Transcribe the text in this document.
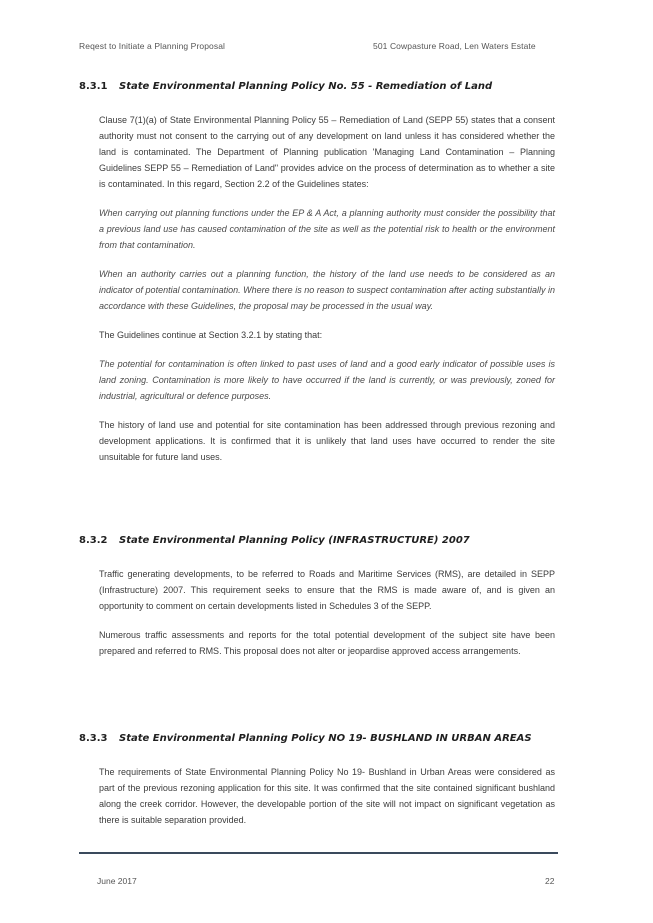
Reqest to Initiate a Planning Proposal	501 Cowpasture Road, Len Waters Estate
8.3.1 State Environmental Planning Policy No. 55 - Remediation of Land

Clause 7(1)(a) of State Environmental Planning Policy 55 – Remediation of Land (SEPP 55) states that a consent authority must not consent to the carrying out of any development on land unless it has considered whether the land is contaminated. The Department of Planning publication 'Managing Land Contamination – Planning Guidelines SEPP 55 – Remediation of Land" provides advice on the process of determination as to whether a site is contaminated. In this regard, Section 2.2 of the Guidelines states:

When carrying out planning functions under the EP & A Act, a planning authority must consider the possibility that a previous land use has caused contamination of the site as well as the potential risk to health or the environment from that contamination.

When an authority carries out a planning function, the history of the land use needs to be considered as an indicator of potential contamination. Where there is no reason to suspect contamination after acting substantially in accordance with these Guidelines, the proposal may be processed in the usual way.

The Guidelines continue at Section 3.2.1 by stating that:

The potential for contamination is often linked to past uses of land and a good early indicator of possible uses is land zoning. Contamination is more likely to have occurred if the land is currently, or was previously, zoned for industrial, agricultural or defence purposes.

The history of land use and potential for site contamination has been addressed through previous rezoning and development applications. It is confirmed that it is unlikely that land uses have occurred to render the site unsuitable for future land uses.

8.3.2 State Environmental Planning Policy (INFRASTRUCTURE) 2007

Traffic generating developments, to be referred to Roads and Maritime Services (RMS), are detailed in SEPP (Infrastructure) 2007. This requirement seeks to ensure that the RMS is made aware of, and is given an opportunity to comment on certain developments listed in Schedules 3 of the SEPP.

Numerous traffic assessments and reports for the total potential development of the subject site have been prepared and referred to RMS. This proposal does not alter or jeopardise approved access arrangements.

8.3.3 State Environmental Planning Policy NO 19- BUSHLAND IN URBAN AREAS

The requirements of State Environmental Planning Policy No 19- Bushland in Urban Areas were considered as part of the previous rezoning application for this site. It was confirmed that the site contained significant bushland along the creek corridor. However, the developable portion of the site will not impact on significant vegetation as there is suitable separation provided.

June 2017	22
